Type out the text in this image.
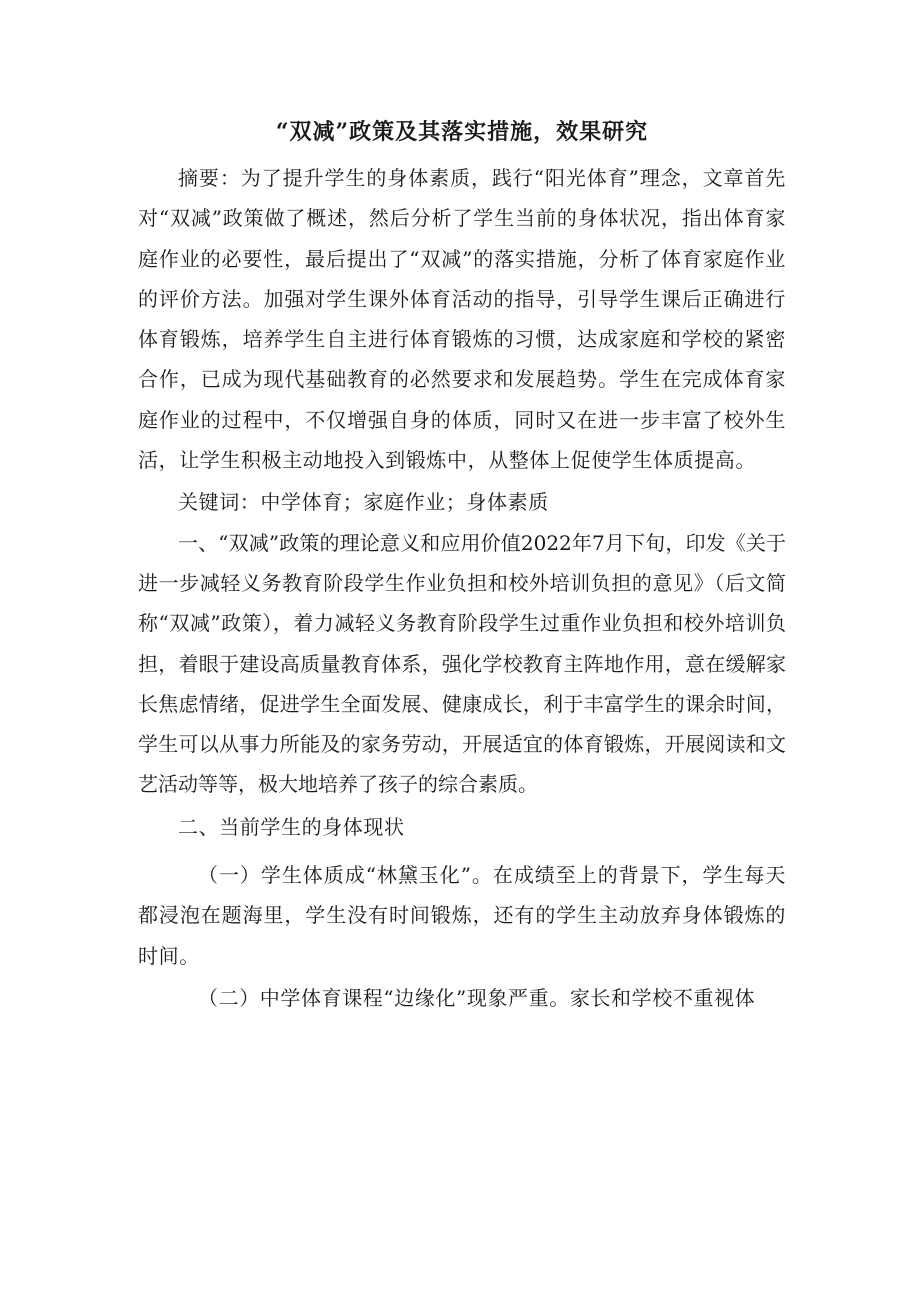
“双减”政策及其落实措施，效果研究

摘要：为了提升学生的身体素质，践行“阳光体育”理念，文章首先对“双减”政策做了概述，然后分析了学生当前的身体状况，指出体育家庭作业的必要性，最后提出了“双减”的落实措施，分析了体育家庭作业的评价方法。加强对学生课外体育活动的指导，引导学生课后正确进行体育锻炼，培养学生自主进行体育锻炼的习惯，达成家庭和学校的紧密合作，已成为现代基础教育的必然要求和发展趋势。学生在完成体育家庭作业的过程中，不仅增强自身的体质，同时又在进一步丰富了校外生活，让学生积极主动地投入到锻炼中，从整体上促使学生体质提高。

关键词：中学体育；家庭作业；身体素质

一、“双减”政策的理论意义和应用价值2022年7月下旬，印发《关于进一步减轻义务教育阶段学生作业负担和校外培训负担的意见》（后文简称“双减”政策），着力减轻义务教育阶段学生过重作业负担和校外培训负担，着眼于建设高质量教育体系，强化学校教育主阵地作用，意在缓解家长焦虑情绪，促进学生全面发展、健康成长，利于丰富学生的课余时间，学生可以从事力所能及的家务劳动，开展适宜的体育锻炼，开展阅读和文艺活动等等，极大地培养了孩子的综合素质。

二、当前学生的身体现状

（一）学生体质成“林黛玉化”。在成绩至上的背景下，学生每天都浸泡在题海里，学生没有时间锻炼，还有的学生主动放弃身体锻炼的时间。

（二）中学体育课程“边缘化”现象严重。家长和学校不重视体
